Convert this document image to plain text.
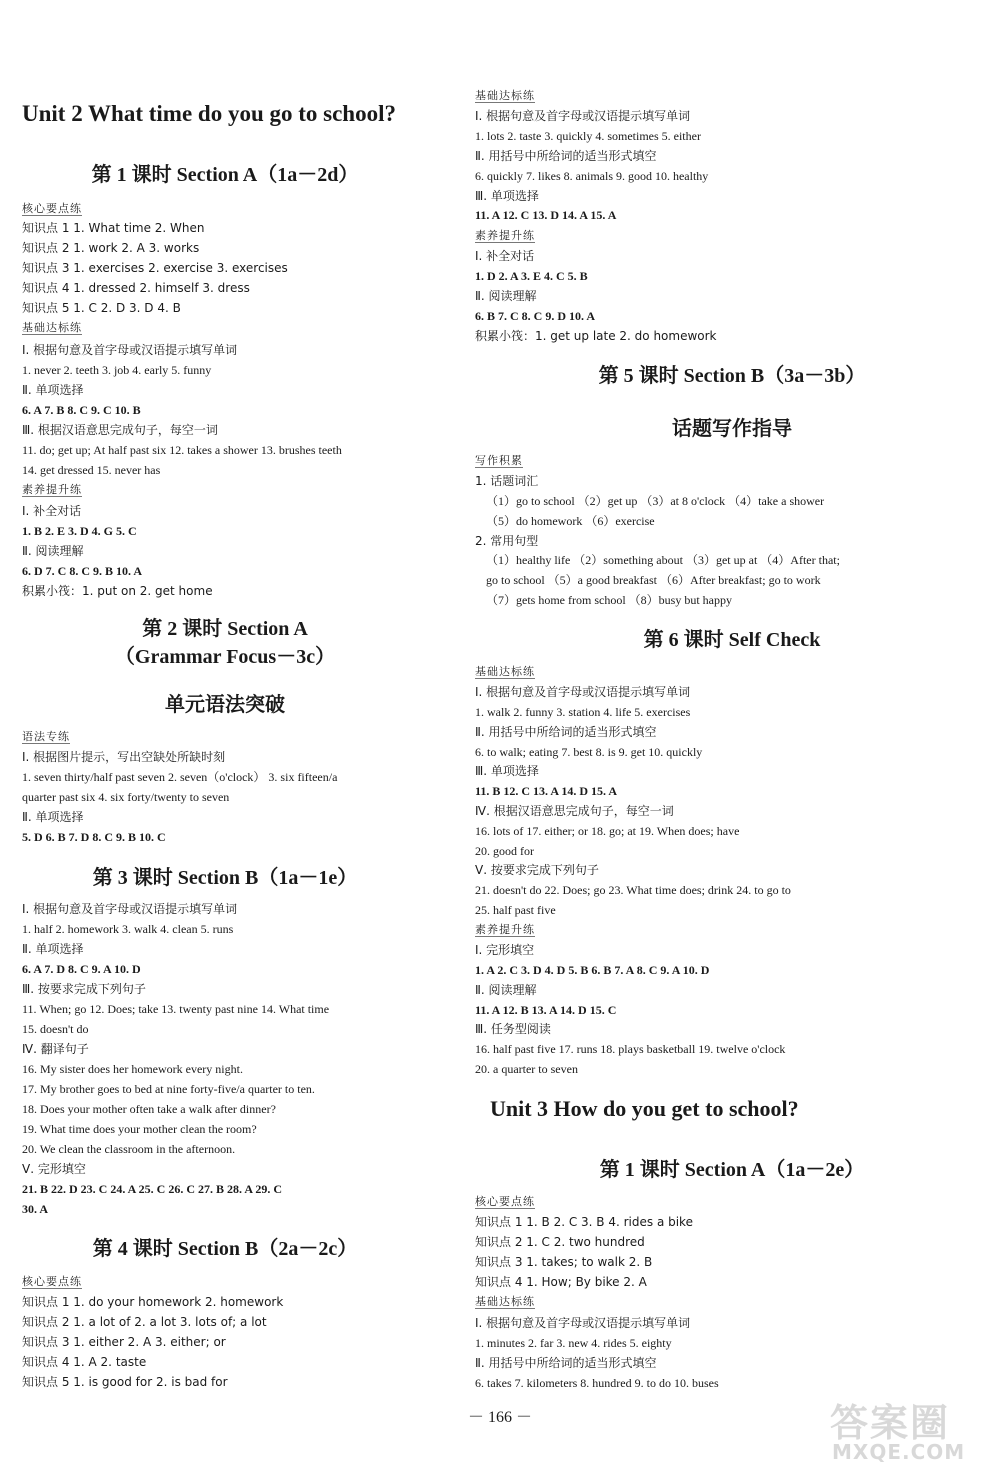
Unit 2 What time do you go to school?
第 1 课时 Section A（1a－2d）
核心要点练
知识点 1 1. What time 2. When
知识点 2 1. work 2. A 3. works
知识点 3 1. exercises 2. exercise 3. exercises
知识点 4 1. dressed 2. himself 3. dress
知识点 5 1. C 2. D 3. D 4. B
基础达标练
Ⅰ. 根据句意及首字母或汉语提示填写单词
1. never 2. teeth 3. job 4. early 5. funny
Ⅱ. 单项选择
6. A 7. B 8. C 9. C 10. B
Ⅲ. 根据汉语意思完成句子，每空一词
11. do; get up; At half past six 12. takes a shower 13. brushes teeth
14. get dressed 15. never has
素养提升练
Ⅰ. 补全对话
1. B 2. E 3. D 4. G 5. C
Ⅱ. 阅读理解
6. D 7. C 8. C 9. B 10. A
积累小筏：1. put on 2. get home
第 2 课时 Section A
（Grammar Focus－3c）
单元语法突破
语法专练
Ⅰ. 根据图片提示，写出空缺处所缺时刻
1. seven thirty/half past seven 2. seven（o'clock） 3. six fifteen/a
quarter past six 4. six forty/twenty to seven
Ⅱ. 单项选择
5. D 6. B 7. D 8. C 9. B 10. C
第 3 课时 Section B（1a－1e）
Ⅰ. 根据句意及首字母或汉语提示填写单词
1. half 2. homework 3. walk 4. clean 5. runs
Ⅱ. 单项选择
6. A 7. D 8. C 9. A 10. D
Ⅲ. 按要求完成下列句子
11. When; go 12. Does; take 13. twenty past nine 14. What time
15. doesn't do
Ⅳ. 翻译句子
16. My sister does her homework every night.
17. My brother goes to bed at nine forty-five/a quarter to ten.
18. Does your mother often take a walk after dinner?
19. What time does your mother clean the room?
20. We clean the classroom in the afternoon.
Ⅴ. 完形填空
21. B 22. D 23. C 24. A 25. C 26. C 27. B 28. A 29. C
30. A
第 4 课时 Section B（2a－2c）
核心要点练
知识点 1 1. do your homework 2. homework
知识点 2 1. a lot of 2. a lot 3. lots of; a lot
知识点 3 1. either 2. A 3. either; or
知识点 4 1. A 2. taste
知识点 5 1. is good for 2. is bad for
基础达标练
Ⅰ. 根据句意及首字母或汉语提示填写单词
1. lots 2. taste 3. quickly 4. sometimes 5. either
Ⅱ. 用括号中所给词的适当形式填空
6. quickly 7. likes 8. animals 9. good 10. healthy
Ⅲ. 单项选择
11. A 12. C 13. D 14. A 15. A
素养提升练
Ⅰ. 补全对话
1. D 2. A 3. E 4. C 5. B
Ⅱ. 阅读理解
6. B 7. C 8. C 9. D 10. A
积累小筏：1. get up late 2. do homework
第 5 课时 Section B（3a－3b）
话题写作指导
写作积累
1. 话题词汇
（1）go to school （2）get up （3）at 8 o'clock （4）take a shower
（5）do homework （6）exercise
2. 常用句型
（1）healthy life （2）something about （3）get up at （4）After that;
go to school （5）a good breakfast （6）After breakfast; go to work
（7）gets home from school （8）busy but happy
第 6 课时 Self Check
基础达标练
Ⅰ. 根据句意及首字母或汉语提示填写单词
1. walk 2. funny 3. station 4. life 5. exercises
Ⅱ. 用括号中所给词的适当形式填空
6. to walk; eating 7. best 8. is 9. get 10. quickly
Ⅲ. 单项选择
11. B 12. C 13. A 14. D 15. A
Ⅳ. 根据汉语意思完成句子，每空一词
16. lots of 17. either; or 18. go; at 19. When does; have
20. good for
Ⅴ. 按要求完成下列句子
21. doesn't do 22. Does; go 23. What time does; drink 24. to go to
25. half past five
素养提升练
Ⅰ. 完形填空
1. A 2. C 3. D 4. D 5. B 6. B 7. A 8. C 9. A 10. D
Ⅱ. 阅读理解
11. A 12. B 13. A 14. D 15. C
Ⅲ. 任务型阅读
16. half past five 17. runs 18. plays basketball 19. twelve o'clock
20. a quarter to seven
Unit 3 How do you get to school?
第 1 课时 Section A（1a－2e）
核心要点练
知识点 1 1. B 2. C 3. B 4. rides a bike
知识点 2 1. C 2. two hundred
知识点 3 1. takes; to walk 2. B
知识点 4 1. How; By bike 2. A
基础达标练
Ⅰ. 根据句意及首字母或汉语提示填写单词
1. minutes 2. far 3. new 4. rides 5. eighty
Ⅱ. 用括号中所给词的适当形式填空
6. takes 7. kilometers 8. hundred 9. to do 10. buses
－ 166 －	答案圈
MXQE.COM
